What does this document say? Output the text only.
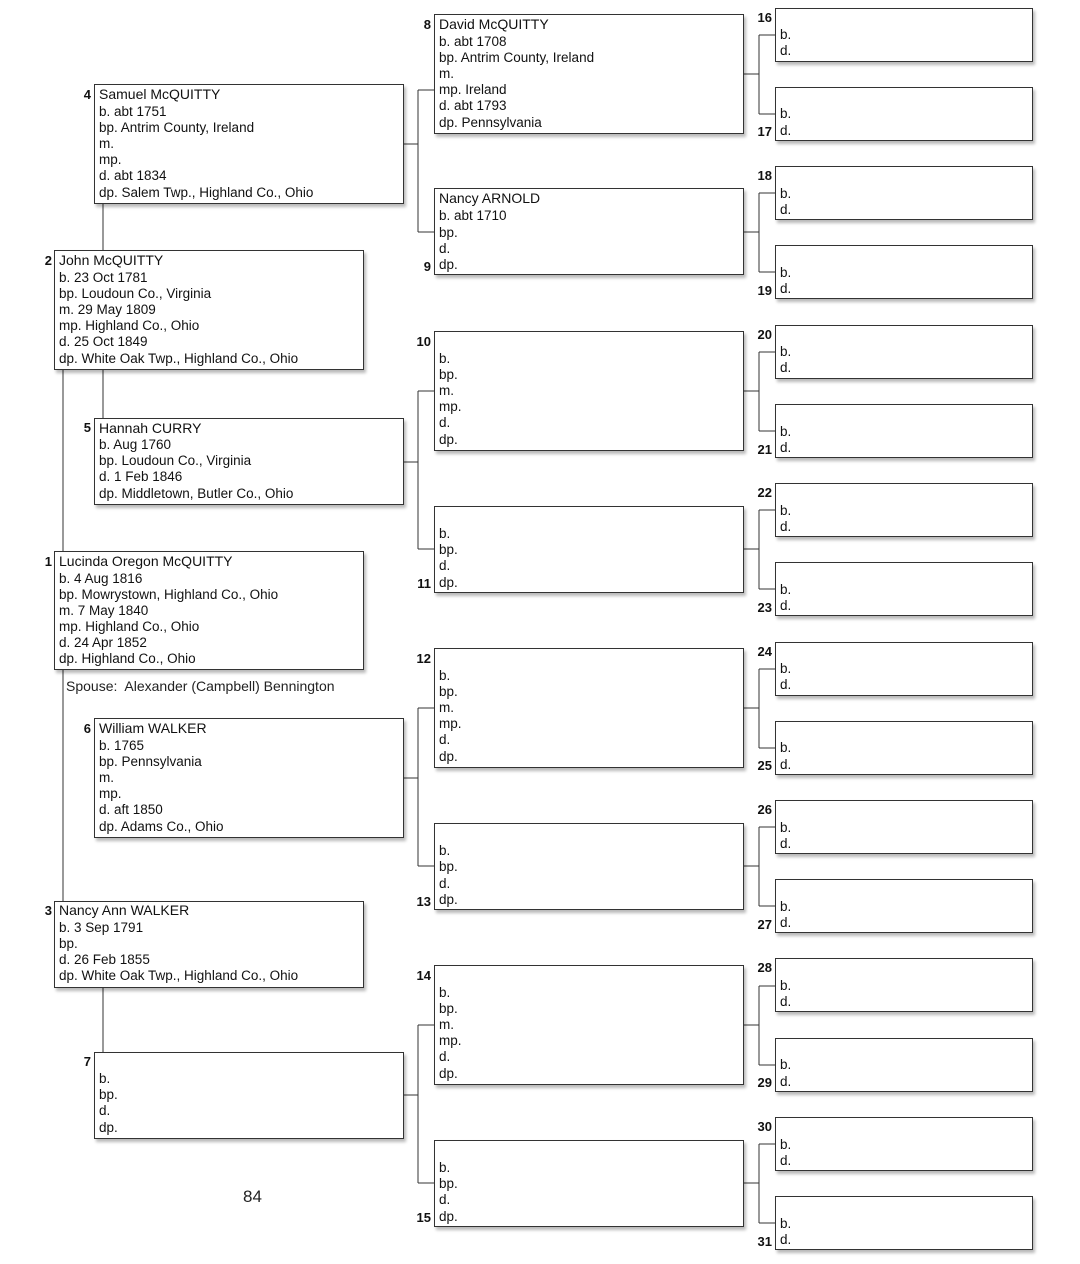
1 Lucinda Oregon McQUITTY
b. 4 Aug 1816
bp. Mowrystown, Highland Co., Ohio
m. 7 May 1840
mp. Highland Co., Ohio
d. 24 Apr 1852
dp. Highland Co., Ohio
Spouse: Alexander (Campbell) Bennington
2 John McQUITTY
b. 23 Oct 1781
bp. Loudoun Co., Virginia
m. 29 May 1809
mp. Highland Co., Ohio
d. 25 Oct 1849
dp. White Oak Twp., Highland Co., Ohio
3 Nancy Ann WALKER
b. 3 Sep 1791
bp.
d. 26 Feb 1855
dp. White Oak Twp., Highland Co., Ohio
4 Samuel McQUITTY
b. abt 1751
bp. Antrim County, Ireland
m.
mp.
d. abt 1834
dp. Salem Twp., Highland Co., Ohio
5 Hannah CURRY
b. Aug 1760
bp. Loudoun Co., Virginia
d. 1 Feb 1846
dp. Middletown, Butler Co., Ohio
6 William WALKER
b. 1765
bp. Pennsylvania
m.
mp.
d. aft 1850
dp. Adams Co., Ohio
7
b.
bp.
d.
dp.
8 David McQUITTY
b. abt 1708
bp. Antrim County, Ireland
m.
mp. Ireland
d. abt 1793
dp. Pennsylvania
9
Nancy ARNOLD
b. abt 1710
bp.
d.
dp.
10
b.
bp.
m.
mp.
d.
dp.
11
b.
bp.
d.
dp.
12
b.
bp.
m.
mp.
d.
dp.
13
b.
bp.
d.
dp.
14
b.
bp.
m.
mp.
d.
dp.
15
b.
bp.
d.
dp.
16
b.
d.
17
b.
d.
18
b.
d.
19
b.
d.
20
b.
d.
21
b.
d.
22
b.
d.
23
b.
d.
24
b.
d.
25
b.
d.
26
b.
d.
27
b.
d.
28
b.
d.
29
b.
d.
30
b.
d.
31
b.
d.
84
